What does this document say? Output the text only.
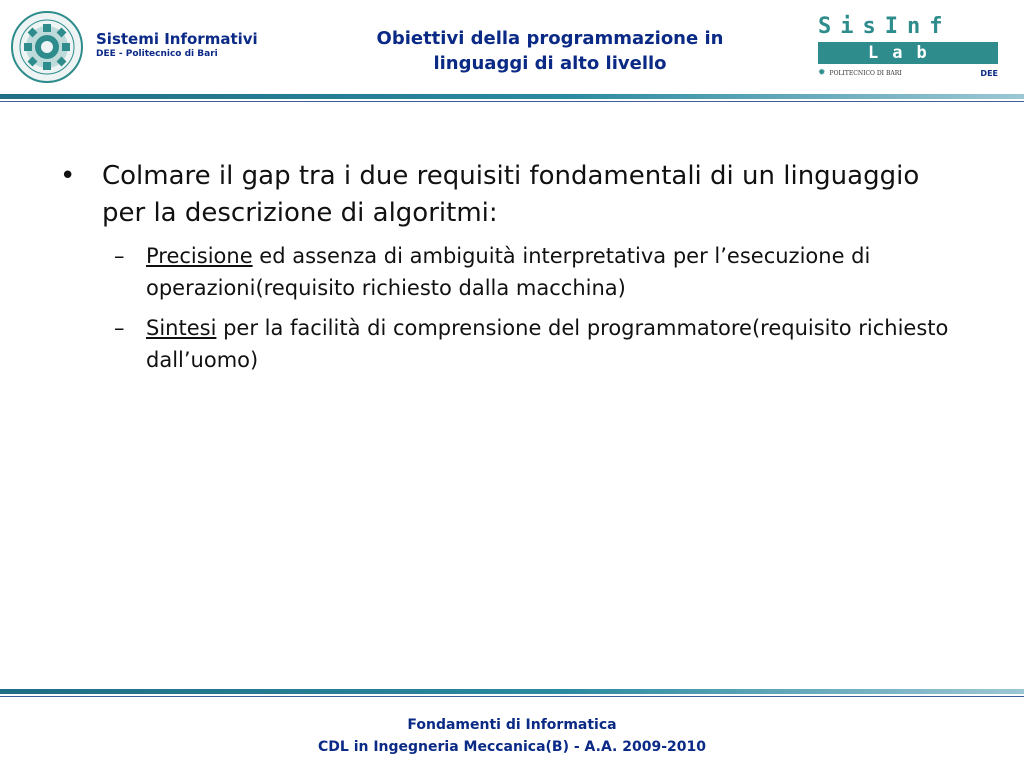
Sistemi Informativi
DEE - Politecnico di Bari
Obiettivi della programmazione in
linguaggi di alto livello
SisInf
Lab
✹ POLITECNICO DI BARI	DEE
•	Colmare il gap tra i due requisiti fondamentali di un linguaggio per la descrizione di algoritmi:
–	Precisione ed assenza di ambiguità interpretativa per l’esecuzione di operazioni(requisito richiesto dalla macchina)
–	Sintesi per la facilità di comprensione del programmatore(requisito richiesto dall’uomo)
Fondamenti di Informatica
CDL in Ingegneria Meccanica(B) - A.A. 2009-2010
